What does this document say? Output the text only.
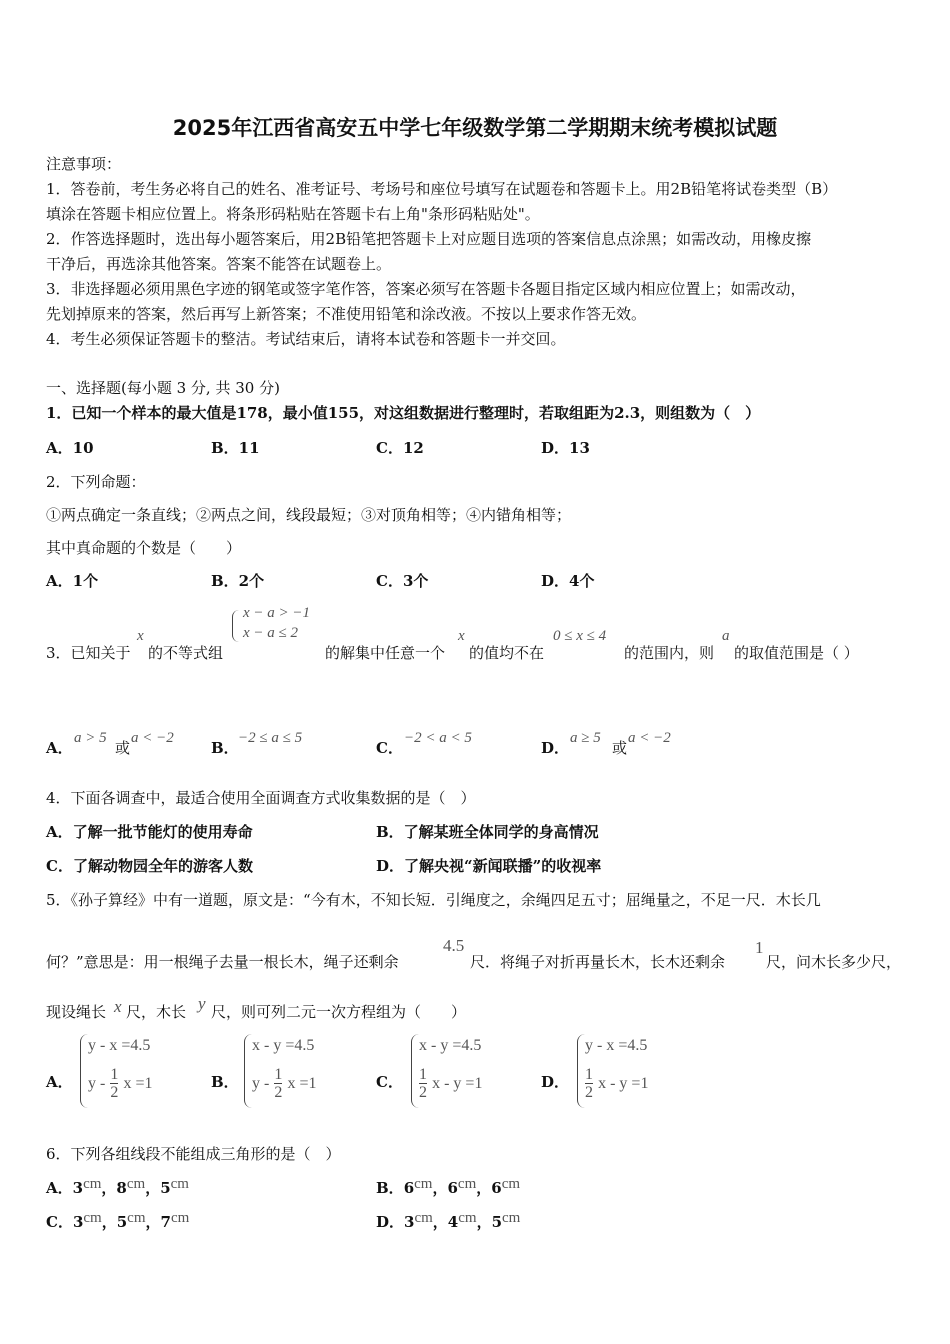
2025年江西省高安五中学七年级数学第二学期期末统考模拟试题
注意事项：
1．答卷前，考生务必将自己的姓名、准考证号、考场号和座位号填写在试题卷和答题卡上。用2B铅笔将试卷类型（B）
填涂在答题卡相应位置上。将条形码粘贴在答题卡右上角"条形码粘贴处"。
2．作答选择题时，选出每小题答案后，用2B铅笔把答题卡上对应题目选项的答案信息点涂黑；如需改动，用橡皮擦
干净后，再选涂其他答案。答案不能答在试题卷上。
3．非选择题必须用黑色字迹的钢笔或签字笔作答，答案必须写在答题卡各题目指定区域内相应位置上；如需改动，
先划掉原来的答案，然后再写上新答案；不准使用铅笔和涂改液。不按以上要求作答无效。
4．考生必须保证答题卡的整洁。考试结束后，请将本试卷和答题卡一并交回。
一、选择题(每小题 3 分, 共 30 分)
1．已知一个样本的最大值是178，最小值155，对这组数据进行整理时，若取组距为2.3，则组数为（　）
A．10	B．11	C．12	D．13
2．下列命题：
①两点确定一条直线；②两点之间，线段最短；③对顶角相等；④内错角相等；
其中真命题的个数是（　　）
A．1个	B．2个	C．3个	D．4个
3．已知关于
x
的不等式组
x − a > −1
x − a ≤ 2
的解集中任意一个
x
的值均不在
0 ≤ x ≤ 4
的范围内，则
a
的取值范围是（ ）
A．
a > 5
或
a < −2
B．
−2 ≤ a ≤ 5
C．
−2 < a < 5
D．
a ≥ 5
或
a < −2
4．下面各调查中，最适合使用全面调查方式收集数据的是（　）
A．了解一批节能灯的使用寿命	B．了解某班全体同学的身高情况
C．了解动物园全年的游客人数	D．了解央视“新闻联播”的收视率
5．《孙子算经》中有一道题，原文是：“今有木，不知长短．引绳度之，余绳四足五寸；屈绳量之，不足一尺．木长几
何？”意思是：用一根绳子去量一根长木，绳子还剩余
4.5
尺．将绳子对折再量长木，长木还剩余
1
尺，问木长多少尺，
现设绳长 x 尺，木长 y 尺，则可列二元一次方程组为（　　）
A．
y - x =4.5
y - $\frac{1}{2}$ x =1	B．
x - y =4.5
y - $\frac{1}{2}$ x =1	C．
x - y =4.5
$\frac{1}{2}$ x - y =1	D．
y - x =4.5
$\frac{1}{2}$ x - y =1
6．下列各组线段不能组成三角形的是（　）
A．3cm，8cm，5cm	B．6cm，6cm，6cm
C．3cm，5cm，7cm	D．3cm，4cm，5cm
